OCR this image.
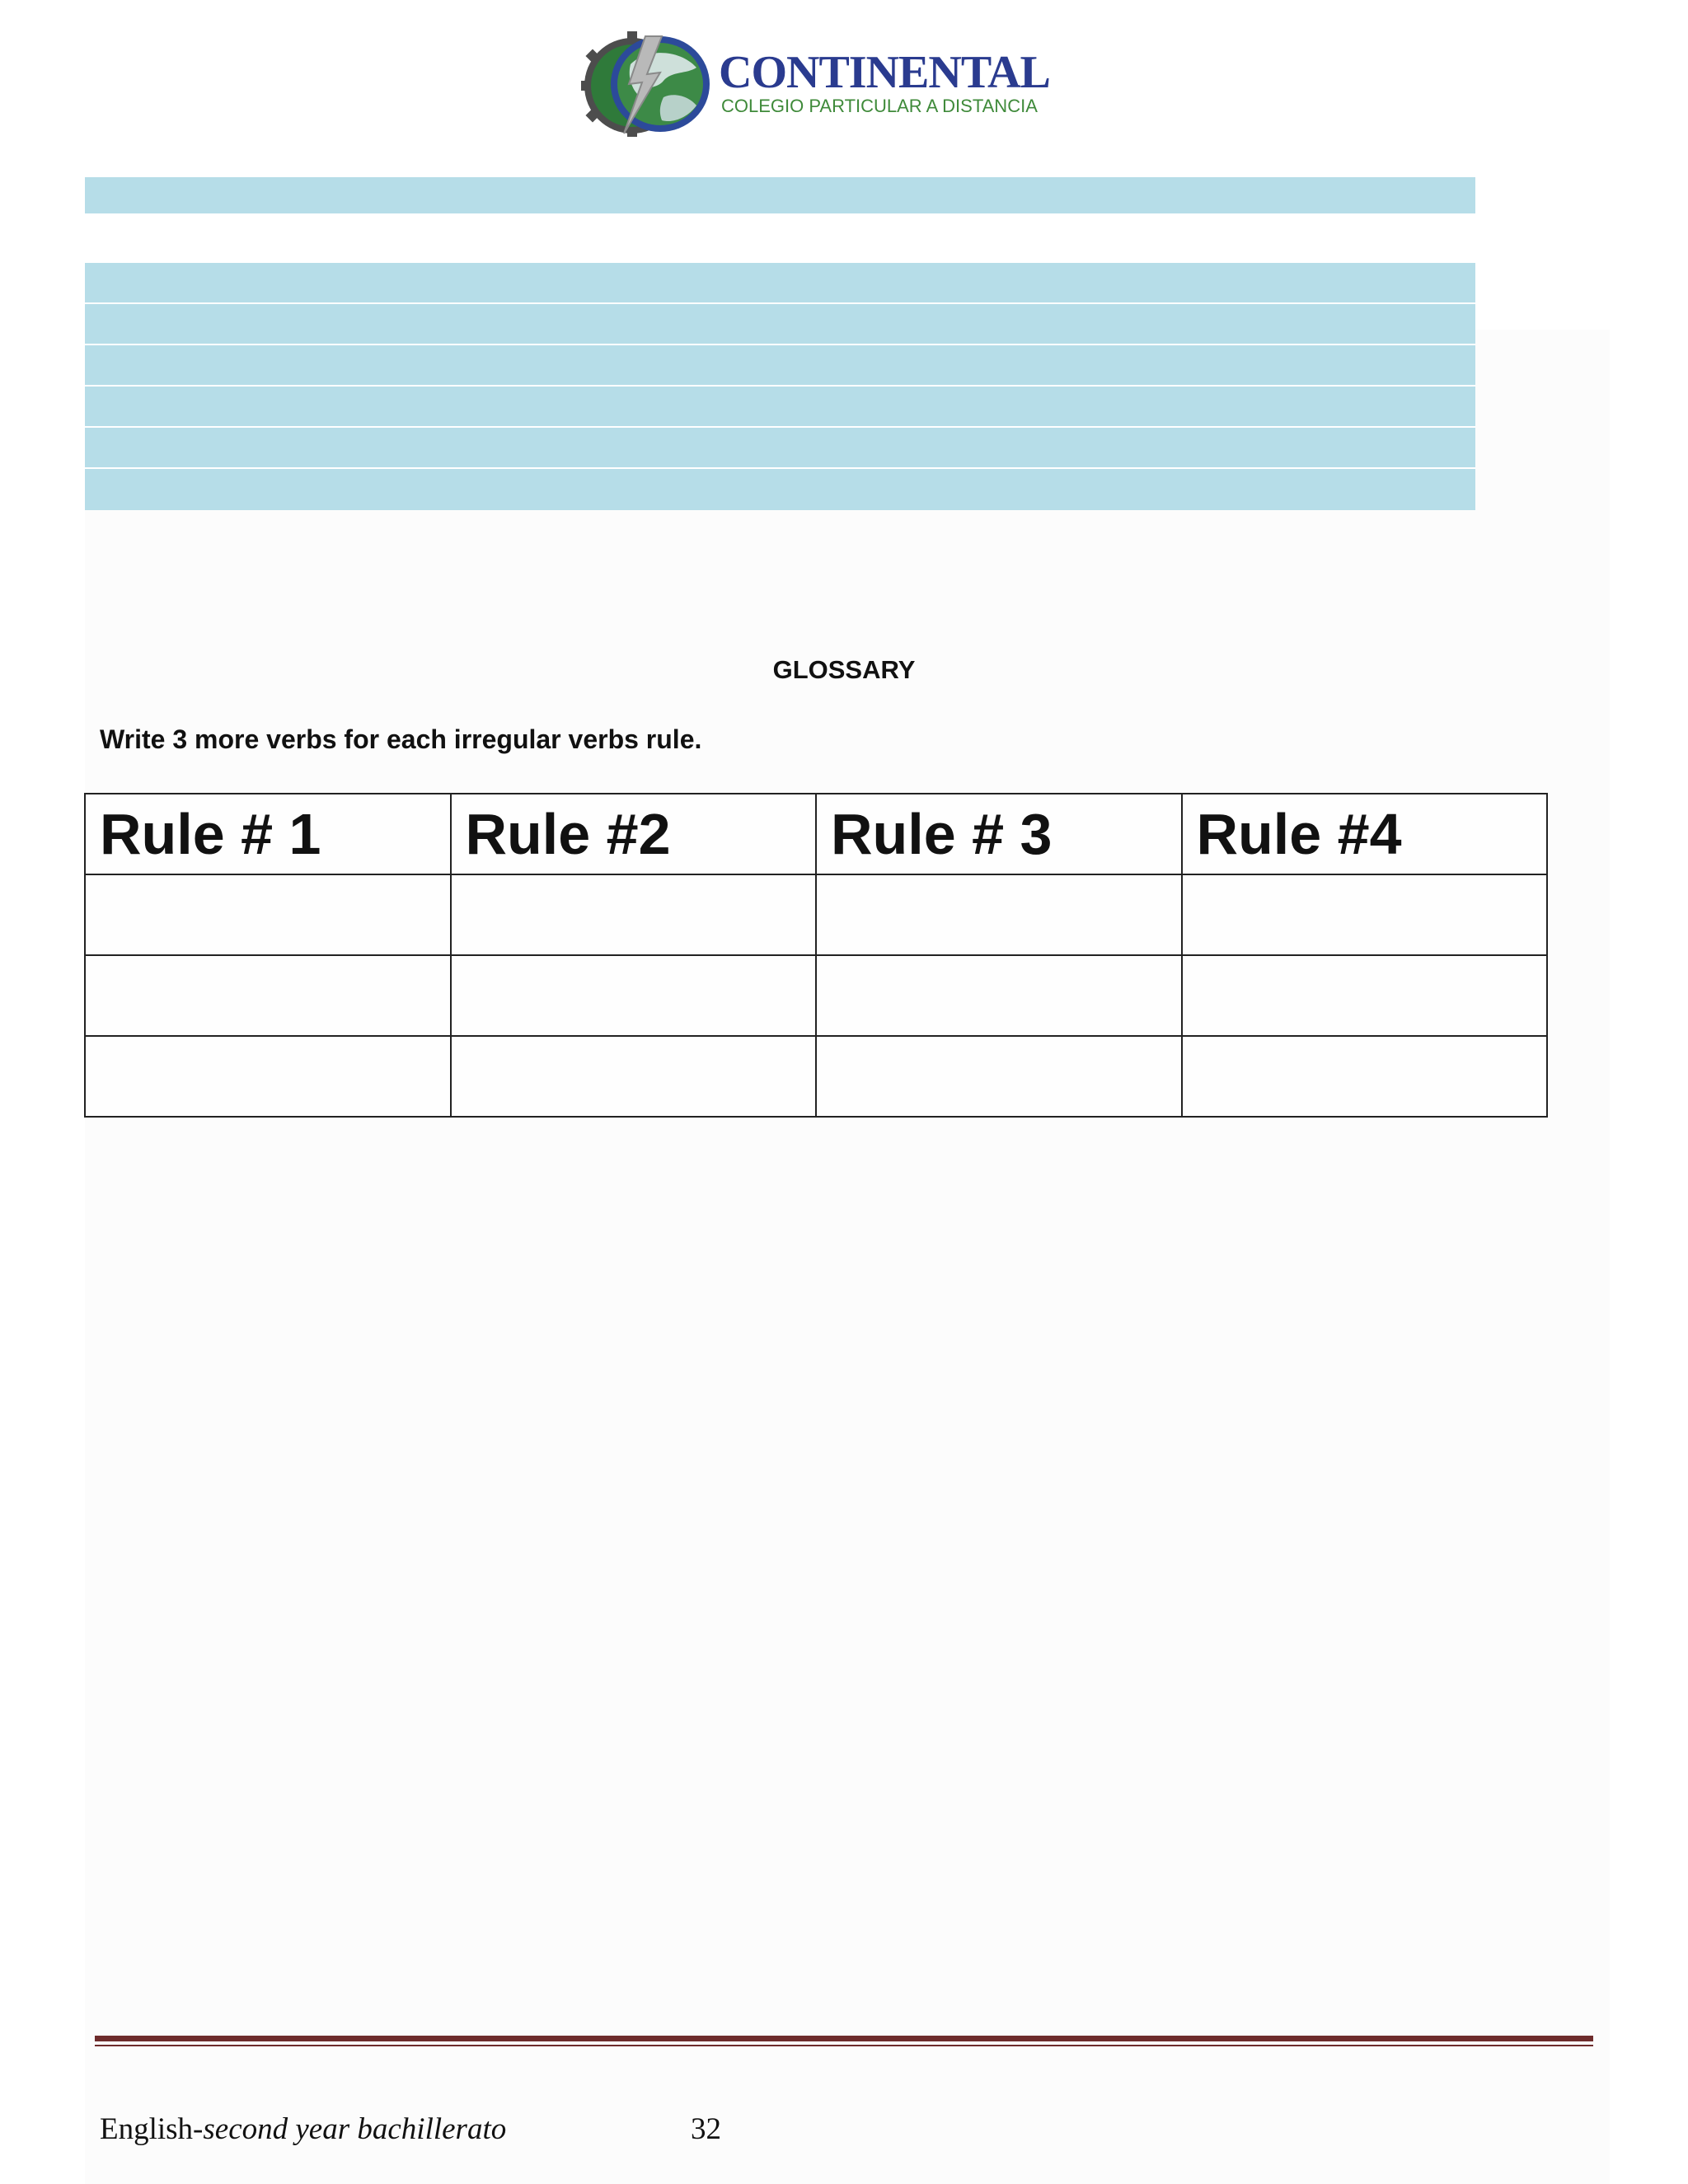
CONTINENTAL
COLEGIO PARTICULAR A DISTANCIA
GLOSSARY
Write 3 more verbs for each irregular verbs rule.
Rule # 1	Rule #2	Rule # 3	Rule #4

English-second year bachillerato	32
